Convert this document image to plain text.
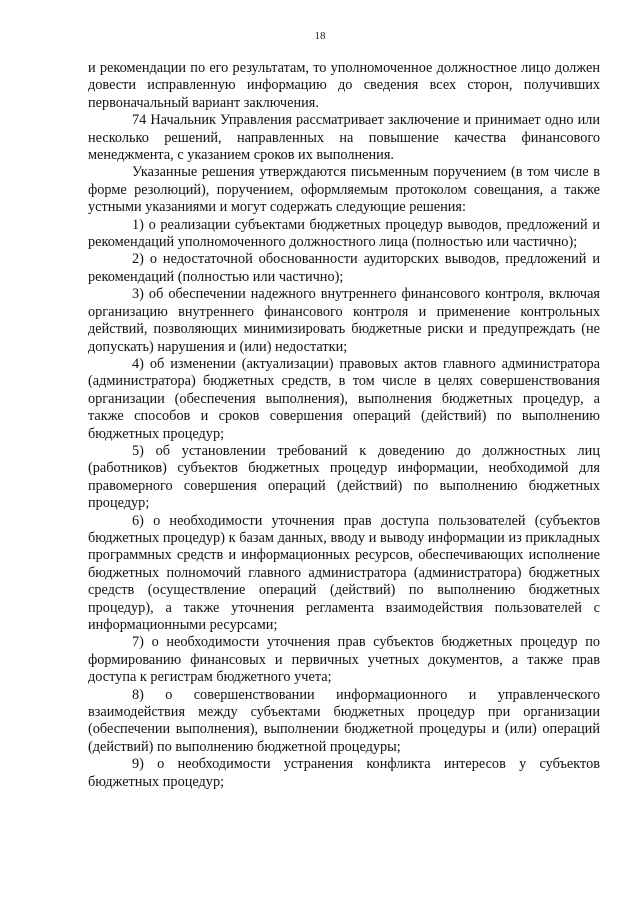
18

и рекомендации по его результатам, то уполномоченное должностное лицо должен довести исправленную информацию до сведения всех сторон, получивших первоначальный вариант заключения.

74 Начальник Управления рассматривает заключение и принимает одно или несколько решений, направленных на повышение качества финансового менеджмента, с указанием сроков их выполнения.

Указанные решения утверждаются письменным поручением (в том числе в форме резолюций), поручением, оформляемым протоколом совещания, а также устными указаниями и могут содержать следующие решения:

1) о реализации субъектами бюджетных процедур выводов, предложений и рекомендаций уполномоченного должностного лица (полностью или частично);

2) о недостаточной обоснованности аудиторских выводов, предложений и рекомендаций (полностью или частично);

3) об обеспечении надежного внутреннего финансового контроля, включая организацию внутреннего финансового контроля и применение контрольных действий, позволяющих минимизировать бюджетные риски и предупреждать (не допускать) нарушения и (или) недостатки;

4) об изменении (актуализации) правовых актов главного администратора (администратора) бюджетных средств, в том числе в целях совершенствования организации (обеспечения выполнения), выполнения бюджетных процедур, а также способов и сроков совершения операций (действий) по выполнению бюджетных процедур;

5) об установлении требований к доведению до должностных лиц (работников) субъектов бюджетных процедур информации, необходимой для правомерного совершения операций (действий) по выполнению бюджетных процедур;

6) о необходимости уточнения прав доступа пользователей (субъектов бюджетных процедур) к базам данных, вводу и выводу информации из прикладных программных средств и информационных ресурсов, обеспечивающих исполнение бюджетных полномочий главного администратора (администратора) бюджетных средств (осуществление операций (действий) по выполнению бюджетных процедур), а также уточнения регламента взаимодействия пользователей с информационными ресурсами;

7) о необходимости уточнения прав субъектов бюджетных процедур по формированию финансовых и первичных учетных документов, а также прав доступа к регистрам бюджетного учета;

8) о совершенствовании информационного и управленческого взаимодействия между субъектами бюджетных процедур при организации (обеспечении выполнения), выполнении бюджетной процедуры и (или) операций (действий) по выполнению бюджетной процедуры;

9) о необходимости устранения конфликта интересов у субъектов бюджетных процедур;
